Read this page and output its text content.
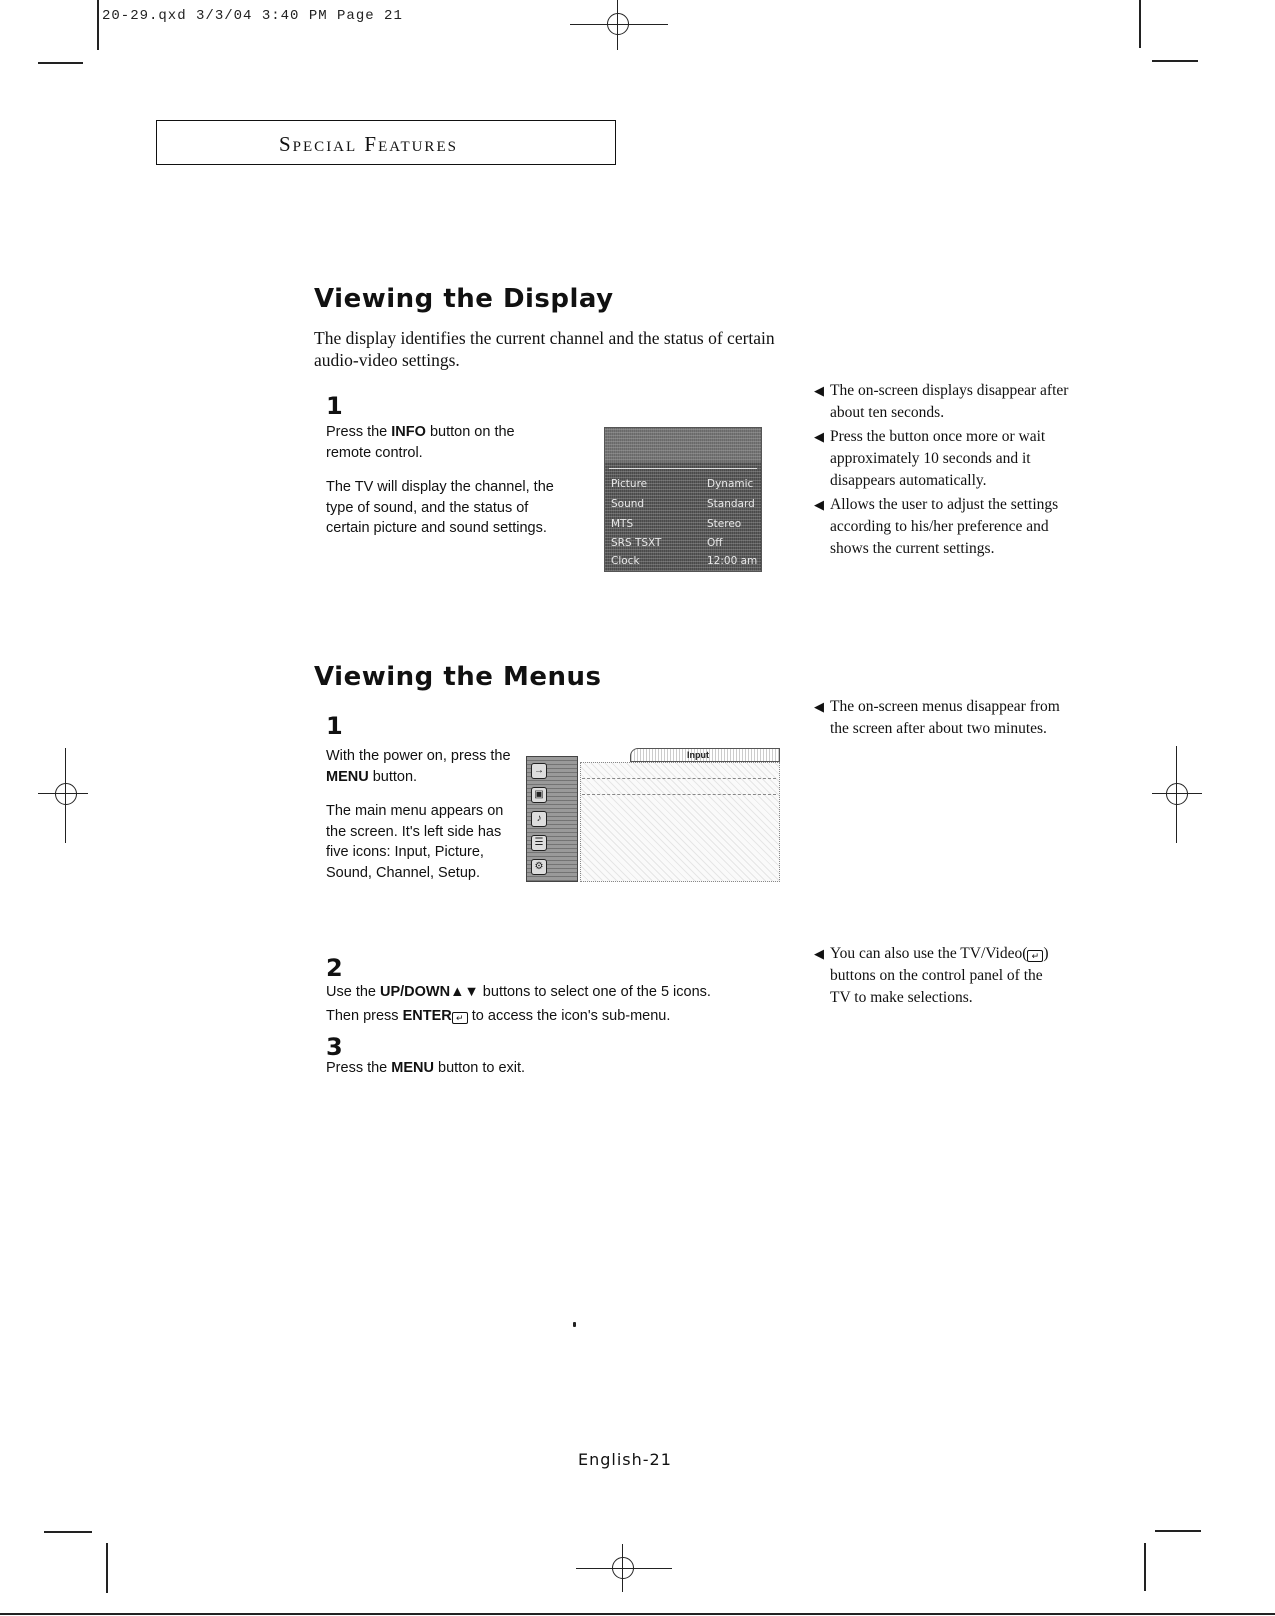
20-29.qxd 3/3/04 3:40 PM Page 21
Special Features
Viewing the Display
The display identifies the current channel and the status of certain audio-video settings.
1

Press the INFO button on the remote control.

The TV will display the channel, the type of sound, and the status of certain picture and sound settings.

Picture	Dynamic
Sound	Standard
MTS	Stereo
SRS TSXT	Off
Clock	12:00 am
◀ The on-screen displays disappear after about ten seconds.
◀ Press the button once more or wait approximately 10 seconds and it disappears automatically.
◀ Allows the user to adjust the settings according to his/her preference and shows the current settings.
Viewing the Menus
1

With the power on, press the MENU button.

The main menu appears on the screen. It's left side has five icons: Input, Picture, Sound, Channel, Setup.

Input
→
▣
♪
☰
⚙
◀ The on-screen menus disappear from the screen after about two minutes.
2

Use the UP/DOWN▲▼ buttons to select one of the 5 icons.

Then press ENTER ↵ to access the icon's sub-menu.

3

Press the MENU button to exit.

◀ You can also use the TV/Video( ↵ ) buttons on the control panel of the TV to make selections.
English-21
